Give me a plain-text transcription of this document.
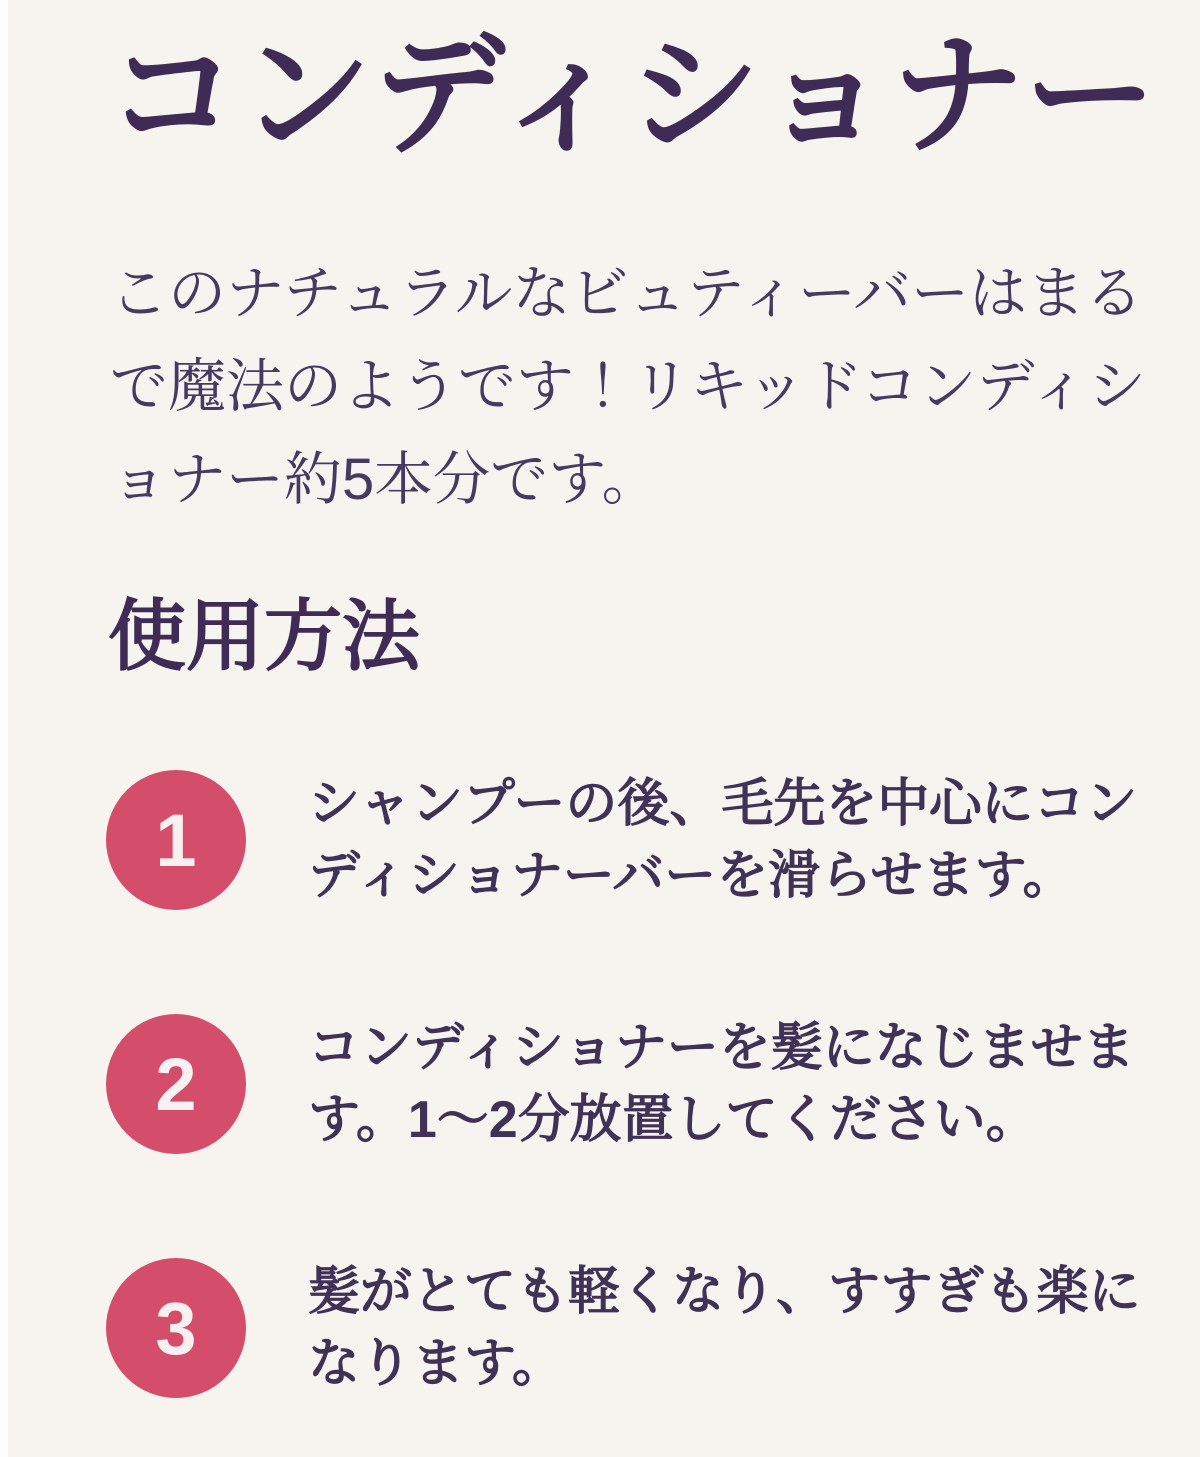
コンディショナー

このナチュラルなビュティーバーはまるで魔法のようです！リキッドコンディショナー約5本分です。

使用方法
1 シャンプーの後、毛先を中心にコンディショナーバーを滑らせます。
2 コンディショナーを髪になじませます。1〜2分放置してください。
3 髪がとても軽くなり、すすぎも楽になります。
